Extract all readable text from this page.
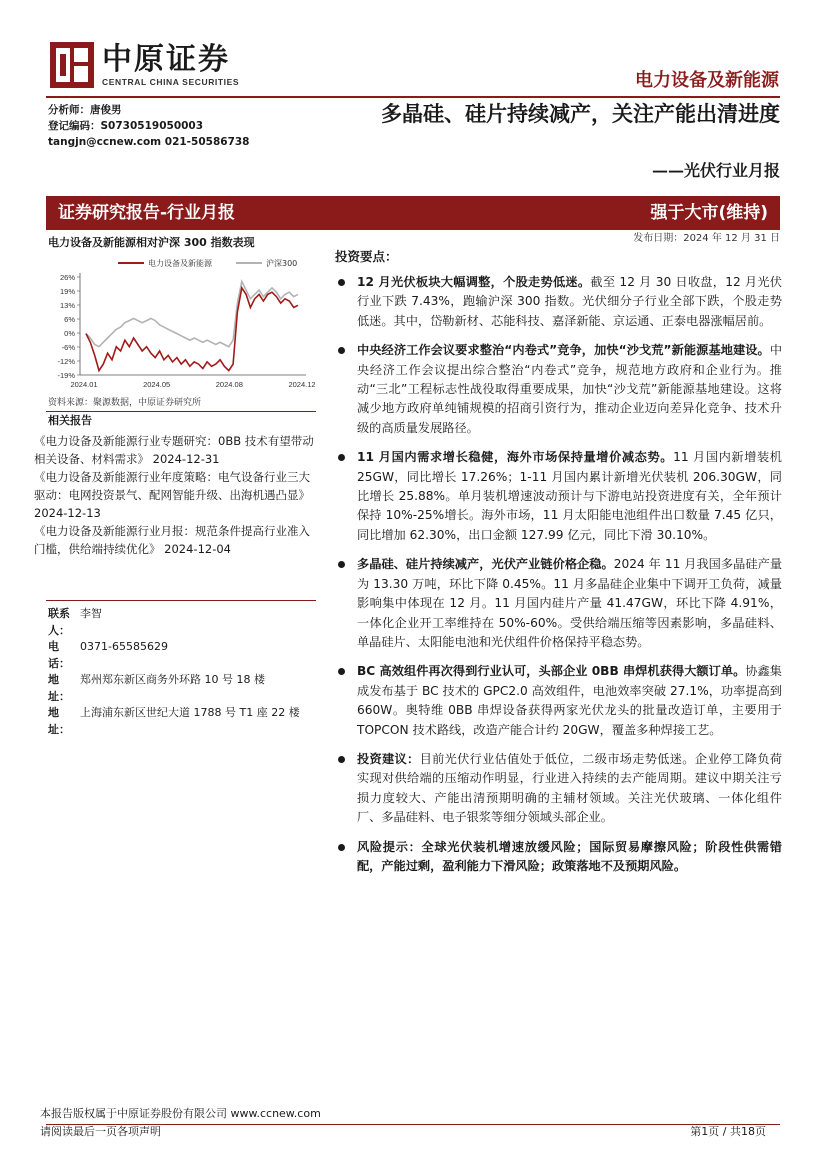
中原证券
CENTRAL CHINA SECURITIES	电力设备及新能源
分析师：唐俊男
登记编码：S0730519050003
tangjn@ccnew.com 021-50586738
多晶硅、硅片持续减产，关注产能出清进度
——光伏行业月报
证券研究报告-行业月报	强于大市(维持)
发布日期：2024 年 12 月 31 日
电力设备及新能源相对沪深 300 指数表现
26%
19%
13%
6%
0%
-6%
-12%
-19%
2024.01	2024.05	2024.08	2024.12
电力设备及新能源	沪深300
资料来源：聚源数据，中原证券研究所
相关报告
《电力设备及新能源行业专题研究：0BB 技术有望带动相关设备、材料需求》 2024-12-31
《电力设备及新能源行业年度策略：电气设备行业三大驱动：电网投资景气、配网智能升级、出海机遇凸显》 2024-12-13
《电力设备及新能源行业月报：规范条件提高行业准入门槛，供给端持续优化》 2024-12-04
联系人：
李智
电话：
0371-65585629
地址：
郑州郑东新区商务外环路 10 号 18 楼
地址：
上海浦东新区世纪大道 1788 号 T1 座 22 楼
投资要点：
12 月光伏板块大幅调整，个股走势低迷。截至 12 月 30 日收盘，12 月光伏行业下跌 7.43%，跑输沪深 300 指数。光伏细分子行业全部下跌，个股走势低迷。其中，岱勒新材、芯能科技、嘉泽新能、京运通、正泰电器涨幅居前。
中央经济工作会议要求整治“内卷式”竞争，加快“沙戈荒”新能源基地建设。中央经济工作会议提出综合整治“内卷式”竞争，规范地方政府和企业行为。推动“三北”工程标志性战役取得重要成果，加快“沙戈荒”新能源基地建设。这将减少地方政府单纯铺规模的招商引资行为，推动企业迈向差异化竞争、技术升级的高质量发展路径。
11 月国内需求增长稳健，海外市场保持量增价减态势。11 月国内新增装机 25GW，同比增长 17.26%；1-11 月国内累计新增光伏装机 206.30GW，同比增长 25.88%。单月装机增速波动预计与下游电站投资进度有关，全年预计保持 10%-25%增长。海外市场，11 月太阳能电池组件出口数量 7.45 亿只，同比增加 62.30%，出口金额 127.99 亿元，同比下滑 30.10%。
多晶硅、硅片持续减产，光伏产业链价格企稳。2024 年 11 月我国多晶硅产量为 13.30 万吨，环比下降 0.45%。11 月多晶硅企业集中下调开工负荷，减量影响集中体现在 12 月。11 月国内硅片产量 41.47GW，环比下降 4.91%，一体化企业开工率维持在 50%-60%。受供给端压缩等因素影响，多晶硅料、单晶硅片、太阳能电池和光伏组件价格保持平稳态势。
BC 高效组件再次得到行业认可，头部企业 0BB 串焊机获得大额订单。协鑫集成发布基于 BC 技术的 GPC2.0 高效组件，电池效率突破 27.1%，功率提高到 660W。奥特维 0BB 串焊设备获得两家光伏龙头的批量改造订单，主要用于 TOPCON 技术路线，改造产能合计约 20GW，覆盖多种焊接工艺。
投资建议：目前光伏行业估值处于低位，二级市场走势低迷。企业停工降负荷实现对供给端的压缩动作明显，行业进入持续的去产能周期。建议中期关注亏损力度较大、产能出清预期明确的主辅材领域。关注光伏玻璃、一体化组件厂、多晶硅料、电子银浆等细分领域头部企业。
风险提示：全球光伏装机增速放缓风险；国际贸易摩擦风险；阶段性供需错配，产能过剩，盈利能力下滑风险；政策落地不及预期风险。
本报告版权属于中原证券股份有限公司 www.ccnew.com
请阅读最后一页各项声明	第1页 / 共18页
